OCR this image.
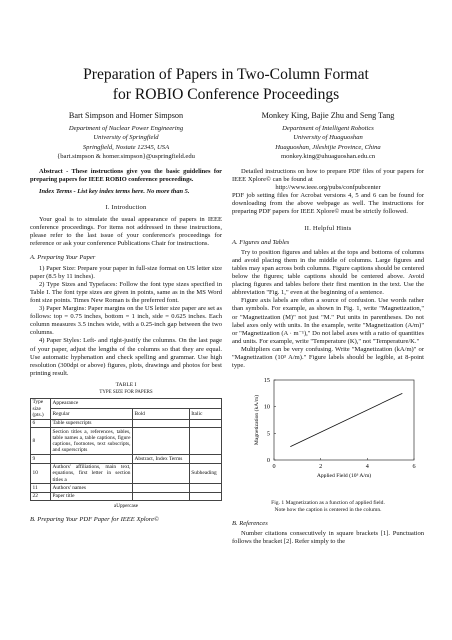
Preparation of Papers in Two-Column Format
for ROBIO Conference Proceedings
Bart Simpson and Homer Simpson
Department of Nuclear Power Engineering
University of Springfield
Springfield, Nostate 12345, USA
{bart.simpson & homer.simpson}@uspringfield.edu
Monkey King, Bajie Zhu and Seng Tang
Department of Intelligent Robotics
University of Huaguoshan
Huaguoshan, Jileshijie Province, China
monkey.king@uhuaguoshan.edu.cn

Abstract - These instructions give you the basic guidelines for preparing papers for IEEE ROBIO conference proceedings.

Index Terms - List key index terms here. No more than 5.

I. Introduction

Your goal is to simulate the usual appearance of papers in IEEE conference proceedings. For items not addressed in these instructions, please refer to the last issue of your conference's proceedings for reference or ask your conference Publications Chair for instructions.

A. Preparing Your Paper

1) Paper Size: Prepare your paper in full-size format on US letter size paper (8.5 by 11 inches).

2) Type Sizes and Typefaces: Follow the font type sizes specified in Table I. The font type sizes are given in points, same as in the MS Word font size points. Times New Roman is the preferred font.

3) Paper Margins: Paper margins on the US letter size paper are set as follows: top = 0.75 inches, bottom = 1 inch, side = 0.625 inches. Each column measures 3.5 inches wide, with a 0.25-inch gap between the two columns.

4) Paper Styles: Left- and right-justify the columns. On the last page of your paper, adjust the lengths of the columns so that they are equal. Use automatic hyphenation and check spelling and grammar. Use high resolution (300dpi or above) figures, plots, drawings and photos for best printing result.

TABLE I

TYPE SIZE FOR PAPERS

Type size (pts.)	Appearance		
	Regular	Bold	Italic
6	Table superscripts		
8	Section titles a, references, tables, table names a, table captions, figure captions, footnotes, text subscripts, and superscripts		
9		Abstract, Index Terms	
10	Authors' affiliations, main text, equations, first letter in section titles a		Subheading
11	Authors' names		
22	Paper title		

aUppercase

B. Preparing Your PDF Paper for IEEE Xplore©

Detailed instructions on how to prepare PDF files of your papers for IEEE Xplore© can be found at

http://www.ieee.org/pubs/confpubcenter

PDF job setting files for Acrobat versions 4, 5 and 6 can be found for downloading from the above webpage as well. The instructions for preparing PDF papers for IEEE Xplore© must be strictly followed.

II. Helpful Hints

A. Figures and Tables

Try to position figures and tables at the tops and bottoms of columns and avoid placing them in the middle of columns. Large figures and tables may span across both columns. Figure captions should be centered below the figures; table captions should be centered above. Avoid placing figures and tables before their first mention in the text. Use the abbreviation "Fig. 1," even at the beginning of a sentence.

Figure axis labels are often a source of confusion. Use words rather than symbols. For example, as shown in Fig. 1, write "Magnetization," or "Magnetization (M)" not just "M." Put units in parentheses. Do not label axes only with units. In the example, write "Magnetization (A/m)" or "Magnetization (A · m⁻¹)," Do not label axes with a ratio of quantities and units. For example, write "Temperature (K)," not "Temperature/K."

Multipliers can be very confusing. Write "Magnetization (kA/m)" or "Magnetization (10³ A/m)." Figure labels should be legible, at 8-point type.

0	2	4	6
0
5
10
15
Applied Field (10³ A/m)
Magnetization (kA/m)

Fig. 1 Magnetization as a function of applied field.

Note how the caption is centered in the column.

B. References

Number citations consecutively in square brackets [1]. Punctuation follows the bracket [2]. Refer simply to the
